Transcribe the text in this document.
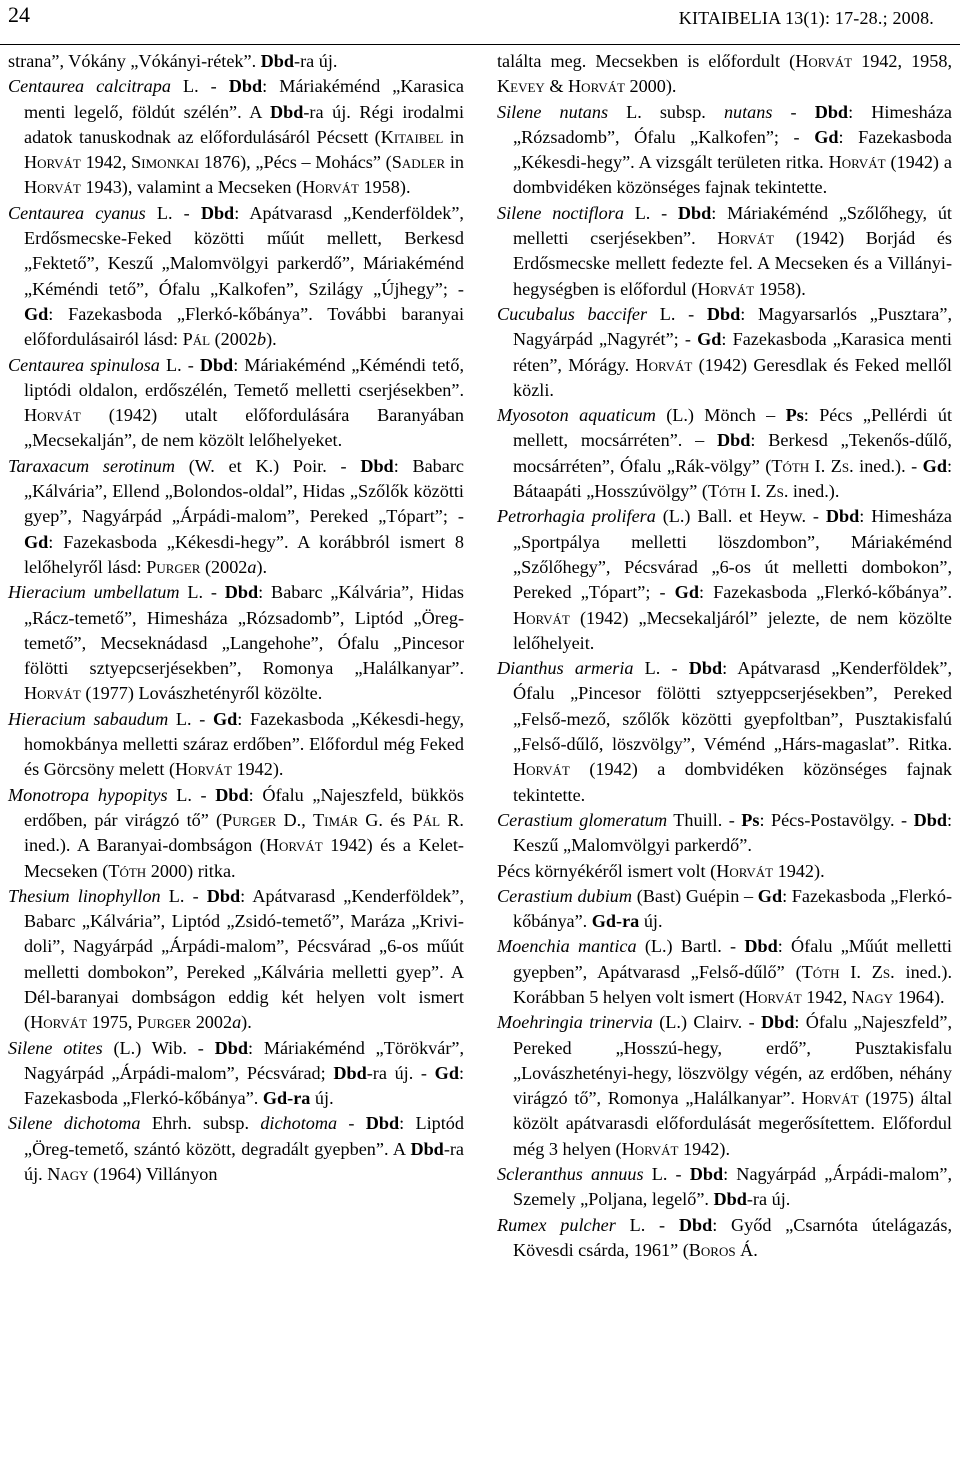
24	KITAIBELIA 13(1): 17-28.; 2008.

strana”, Vókány „Vókányi-rétek”. Dbd-ra új.

Centaurea calcitrapa L. - Dbd: Máriakéménd „Karasica menti legelő, földút szélén”. A Dbd-ra új. Régi irodalmi adatok tanuskodnak az előfordulásáról Pécsett (Kitaibel in Horvát 1942, Simonkai 1876), „Pécs – Mohács” (Sadler in Horvát 1943), valamint a Mecseken (Horvát 1958).

Centaurea cyanus L. - Dbd: Apátvarasd „Kenderföldek”, Erdősmecske-Feked közötti műút mellett, Berkesd „Fektető”, Keszű „Malomvölgyi parkerdő”, Máriakéménd „Kéméndi tető”, Ófalu „Kalkofen”, Szilágy „Újhegy”; - Gd: Fazekasboda „Flerkó-kőbánya”. További baranyai előfordulásairól lásd: Pál (2002b).

Centaurea spinulosa L. - Dbd: Máriakéménd „Kéméndi tető, liptódi oldalon, erdőszélén, Temető melletti cserjésekben”. Horvát (1942) utalt előfordulására Baranyában „Mecsekalján”, de nem közölt lelőhelyeket.

Taraxacum serotinum (W. et K.) Poir. - Dbd: Babarc „Kálvária”, Ellend „Bolondos-oldal”, Hidas „Szőlők közötti gyep”, Nagyárpád „Árpádi-malom”, Pereked „Tópart”; - Gd: Fazekasboda „Kékesdi-hegy”. A korábbról ismert 8 lelőhelyről lásd: Purger (2002a).

Hieracium umbellatum L. - Dbd: Babarc „Kálvária”, Hidas „Rácz-temető”, Himesháza „Rózsadomb”, Liptód „Öreg-temető”, Mecseknádasd „Langehohe”, Ófalu „Pincesor fölötti sztyepcserjésekben”, Romonya „Halálkanyar”. Horvát (1977) Lovászhetényről közölte.

Hieracium sabaudum L. - Gd: Fazekasboda „Kékesdi-hegy, homokbánya melletti száraz erdőben”. Előfordul még Feked és Görcsöny melett (Horvát 1942).

Monotropa hypopitys L. - Dbd: Ófalu „Najeszfeld, bükkös erdőben, pár virágzó tő” (Purger D., Timár G. és Pál R. ined.). A Baranyai-dombságon (Horvát 1942) és a Kelet-Mecseken (Tóth 2000) ritka.

Thesium linophyllon L. - Dbd: Apátvarasd „Kenderföldek”, Babarc „Kálvária”, Liptód „Zsidó-temető”, Maráza „Krivi-doli”, Nagyárpád „Árpádi-malom”, Pécsvárad „6-os műút melletti dombokon”, Pereked „Kálvária melletti gyep”. A Dél-baranyai dombságon eddig két helyen volt ismert (Horvát 1975, Purger 2002a).

Silene otites (L.) Wib. - Dbd: Máriakéménd „Törökvár”, Nagyárpád „Árpádi-malom”, Pécsvárad; Dbd-ra új. - Gd: Fazekasboda „Flerkó-kőbánya”. Gd-ra új.

Silene dichotoma Ehrh. subsp. dichotoma - Dbd: Liptód „Öreg-temető, szántó között, degradált gyepben”. A Dbd-ra új. Nagy (1964) Villányon

találta meg. Mecsekben is előfordult (Horvát 1942, 1958, Kevey & Horvát 2000).

Silene nutans L. subsp. nutans - Dbd: Himesháza „Rózsadomb”, Ófalu „Kalkofen”; - Gd: Fazekasboda „Kékesdi-hegy”. A vizsgált területen ritka. Horvát (1942) a dombvidéken közönséges fajnak tekintette.

Silene noctiflora L. - Dbd: Máriakéménd „Szőlőhegy, út melletti cserjésekben”. Horvát (1942) Borjád és Erdősmecske mellett fedezte fel. A Mecseken és a Villányi-hegységben is előfordul (Horvát 1958).

Cucubalus baccifer L. - Dbd: Magyarsarlós „Pusztara”, Nagyárpád „Nagyrét”; - Gd: Fazekasboda „Karasica menti réten”, Mórágy. Horvát (1942) Geresdlak és Feked mellől közli.

Myosoton aquaticum (L.) Mönch – Ps: Pécs „Pellérdi út mellett, mocsárréten”. – Dbd: Berkesd „Tekenős-dűlő, mocsárréten”, Ófalu „Rák-völgy” (Tóth I. Zs. ined.). - Gd: Bátaapáti „Hosszúvölgy” (Tóth I. Zs. ined.).

Petrorhagia prolifera (L.) Ball. et Heyw. - Dbd: Himesháza „Sportpálya melletti löszdombon”, Máriakéménd „Szőlőhegy”, Pécsvárad „6-os út melletti dombokon”, Pereked „Tópart”; - Gd: Fazekasboda „Flerkó-kőbánya”. Horvát (1942) „Mecsekaljáról” jelezte, de nem közölte lelőhelyeit.

Dianthus armeria L. - Dbd: Apátvarasd „Kenderföldek”, Ófalu „Pincesor fölötti sztyeppcserjésekben”, Pereked „Felső-mező, szőlők közötti gyepfoltban”, Pusztakisfalú „Felső-dűlő, löszvölgy”, Véménd „Hárs-magaslat”. Ritka. Horvát (1942) a dombvidéken közönséges fajnak tekintette.

Cerastium glomeratum Thuill. - Ps: Pécs-Postavölgy. - Dbd: Keszű „Malomvölgyi parkerdő”.

Pécs környékéről ismert volt (Horvát 1942).

Cerastium dubium (Bast) Guépin – Gd: Fazekasboda „Flerkó-kőbánya”. Gd-ra új.

Moenchia mantica (L.) Bartl. - Dbd: Ófalu „Műút melletti gyepben”, Apátvarasd „Felső-dűlő” (Tóth I. Zs. ined.). Korábban 5 helyen volt ismert (Horvát 1942, Nagy 1964).

Moehringia trinervia (L.) Clairv. - Dbd: Ófalu „Najeszfeld”, Pereked „Hosszú-hegy, erdő”, Pusztakisfalu „Lovászhetényi-hegy, löszvölgy végén, az erdőben, néhány virágzó tő”, Romonya „Halálkanyar”. Horvát (1975) által közölt apátvarasdi előfordulását megerősítettem. Előfordul még 3 helyen (Horvát 1942).

Scleranthus annuus L. - Dbd: Nagyárpád „Árpádi-malom”, Szemely „Poljana, legelő”. Dbd-ra új.

Rumex pulcher L. - Dbd: Győd „Csarnóta útelágazás, Kövesdi csárda, 1961” (Boros Á.
